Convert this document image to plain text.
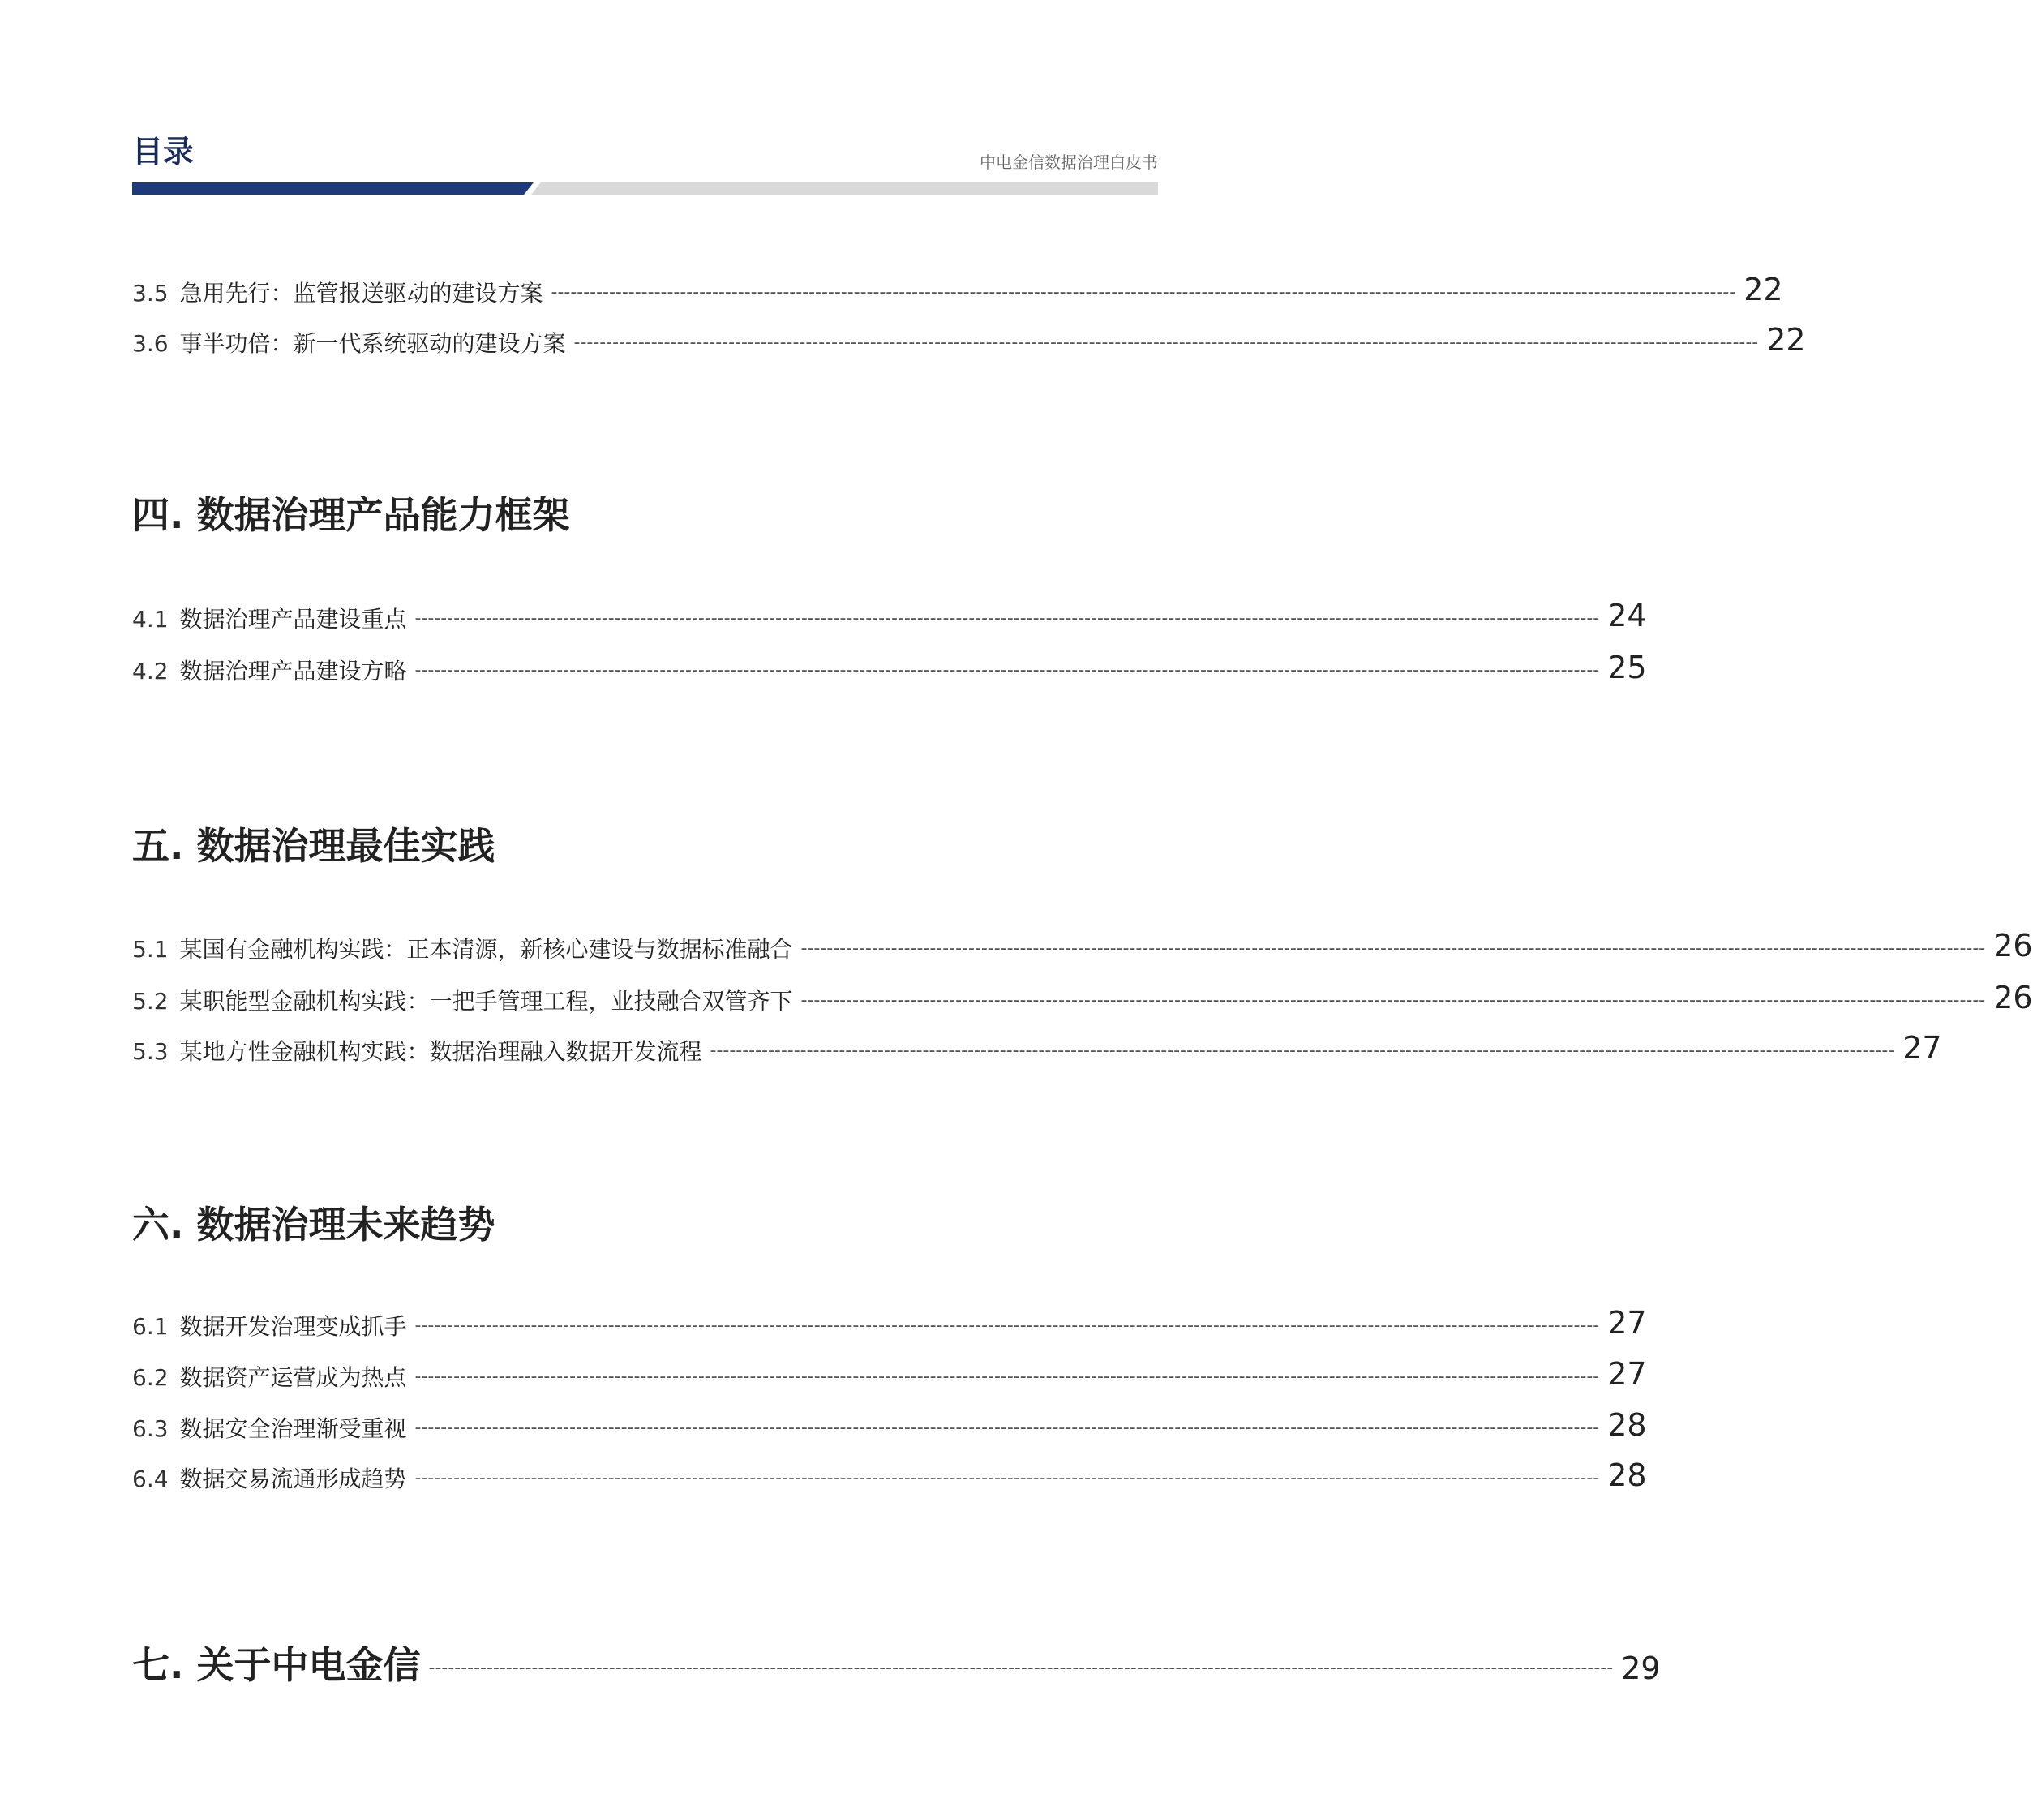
目录	中电金信数据治理白皮书
3.5 急用先行：监管报送驱动的建设方案 ---------------------------------------------------------------------------------------------------------------------------------------------------------------------------------------- 22
3.6 事半功倍：新一代系统驱动的建设方案 ---------------------------------------------------------------------------------------------------------------------------------------------------------------------------------------- 22
四. 数据治理产品能力框架
4.1 数据治理产品建设重点 ---------------------------------------------------------------------------------------------------------------------------------------------------------------------------------------- 24
4.2 数据治理产品建设方略 ---------------------------------------------------------------------------------------------------------------------------------------------------------------------------------------- 25
五. 数据治理最佳实践
5.1 某国有金融机构实践：正本清源，新核心建设与数据标准融合 ---------------------------------------------------------------------------------------------------------------------------------------------------------------------------------------- 26
5.2 某职能型金融机构实践：一把手管理工程，业技融合双管齐下 ---------------------------------------------------------------------------------------------------------------------------------------------------------------------------------------- 26
5.3 某地方性金融机构实践：数据治理融入数据开发流程 ---------------------------------------------------------------------------------------------------------------------------------------------------------------------------------------- 27
六. 数据治理未来趋势
6.1 数据开发治理变成抓手 ---------------------------------------------------------------------------------------------------------------------------------------------------------------------------------------- 27
6.2 数据资产运营成为热点 ---------------------------------------------------------------------------------------------------------------------------------------------------------------------------------------- 27
6.3 数据安全治理渐受重视 ---------------------------------------------------------------------------------------------------------------------------------------------------------------------------------------- 28
6.4 数据交易流通形成趋势 ---------------------------------------------------------------------------------------------------------------------------------------------------------------------------------------- 28
七. 关于中电金信 ---------------------------------------------------------------------------------------------------------------------------------------------------------------------------------------- 29
